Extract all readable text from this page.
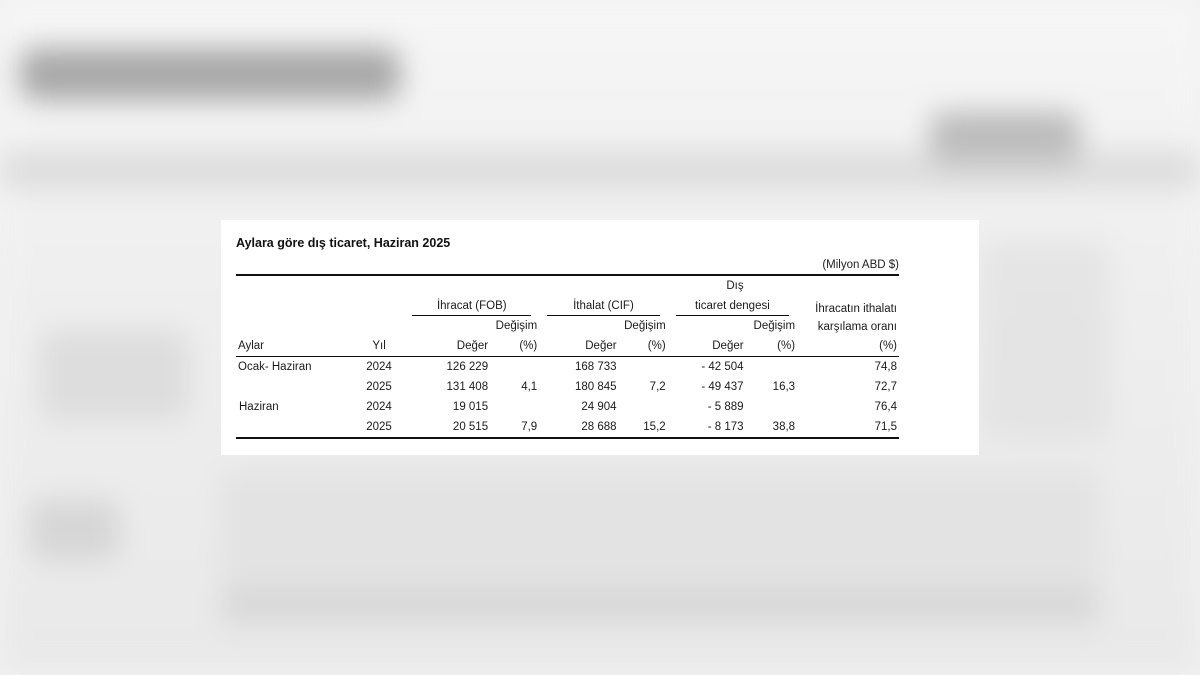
Aylara göre dış ticaret, Haziran 2025
(Milyon ABD $)
						Dış		

		İhracat (FOB)		İthalat (CIF)		ticaret dengesi		İhracatın ithalatı
karşılama oranı

			Değişim		Değişim		Değişim	
Aylar	Yıl	Değer	(%)	Değer	(%)	Değer	(%)	(%)
Ocak- Haziran	2024	126 229		168 733		- 42 504		74,8
	2025	131 408	4,1	180 845	7,2	- 49 437	16,3	72,7
Haziran	2024	19 015		24 904		- 5 889		76,4
	2025	20 515	7,9	28 688	15,2	- 8 173	38,8	71,5
